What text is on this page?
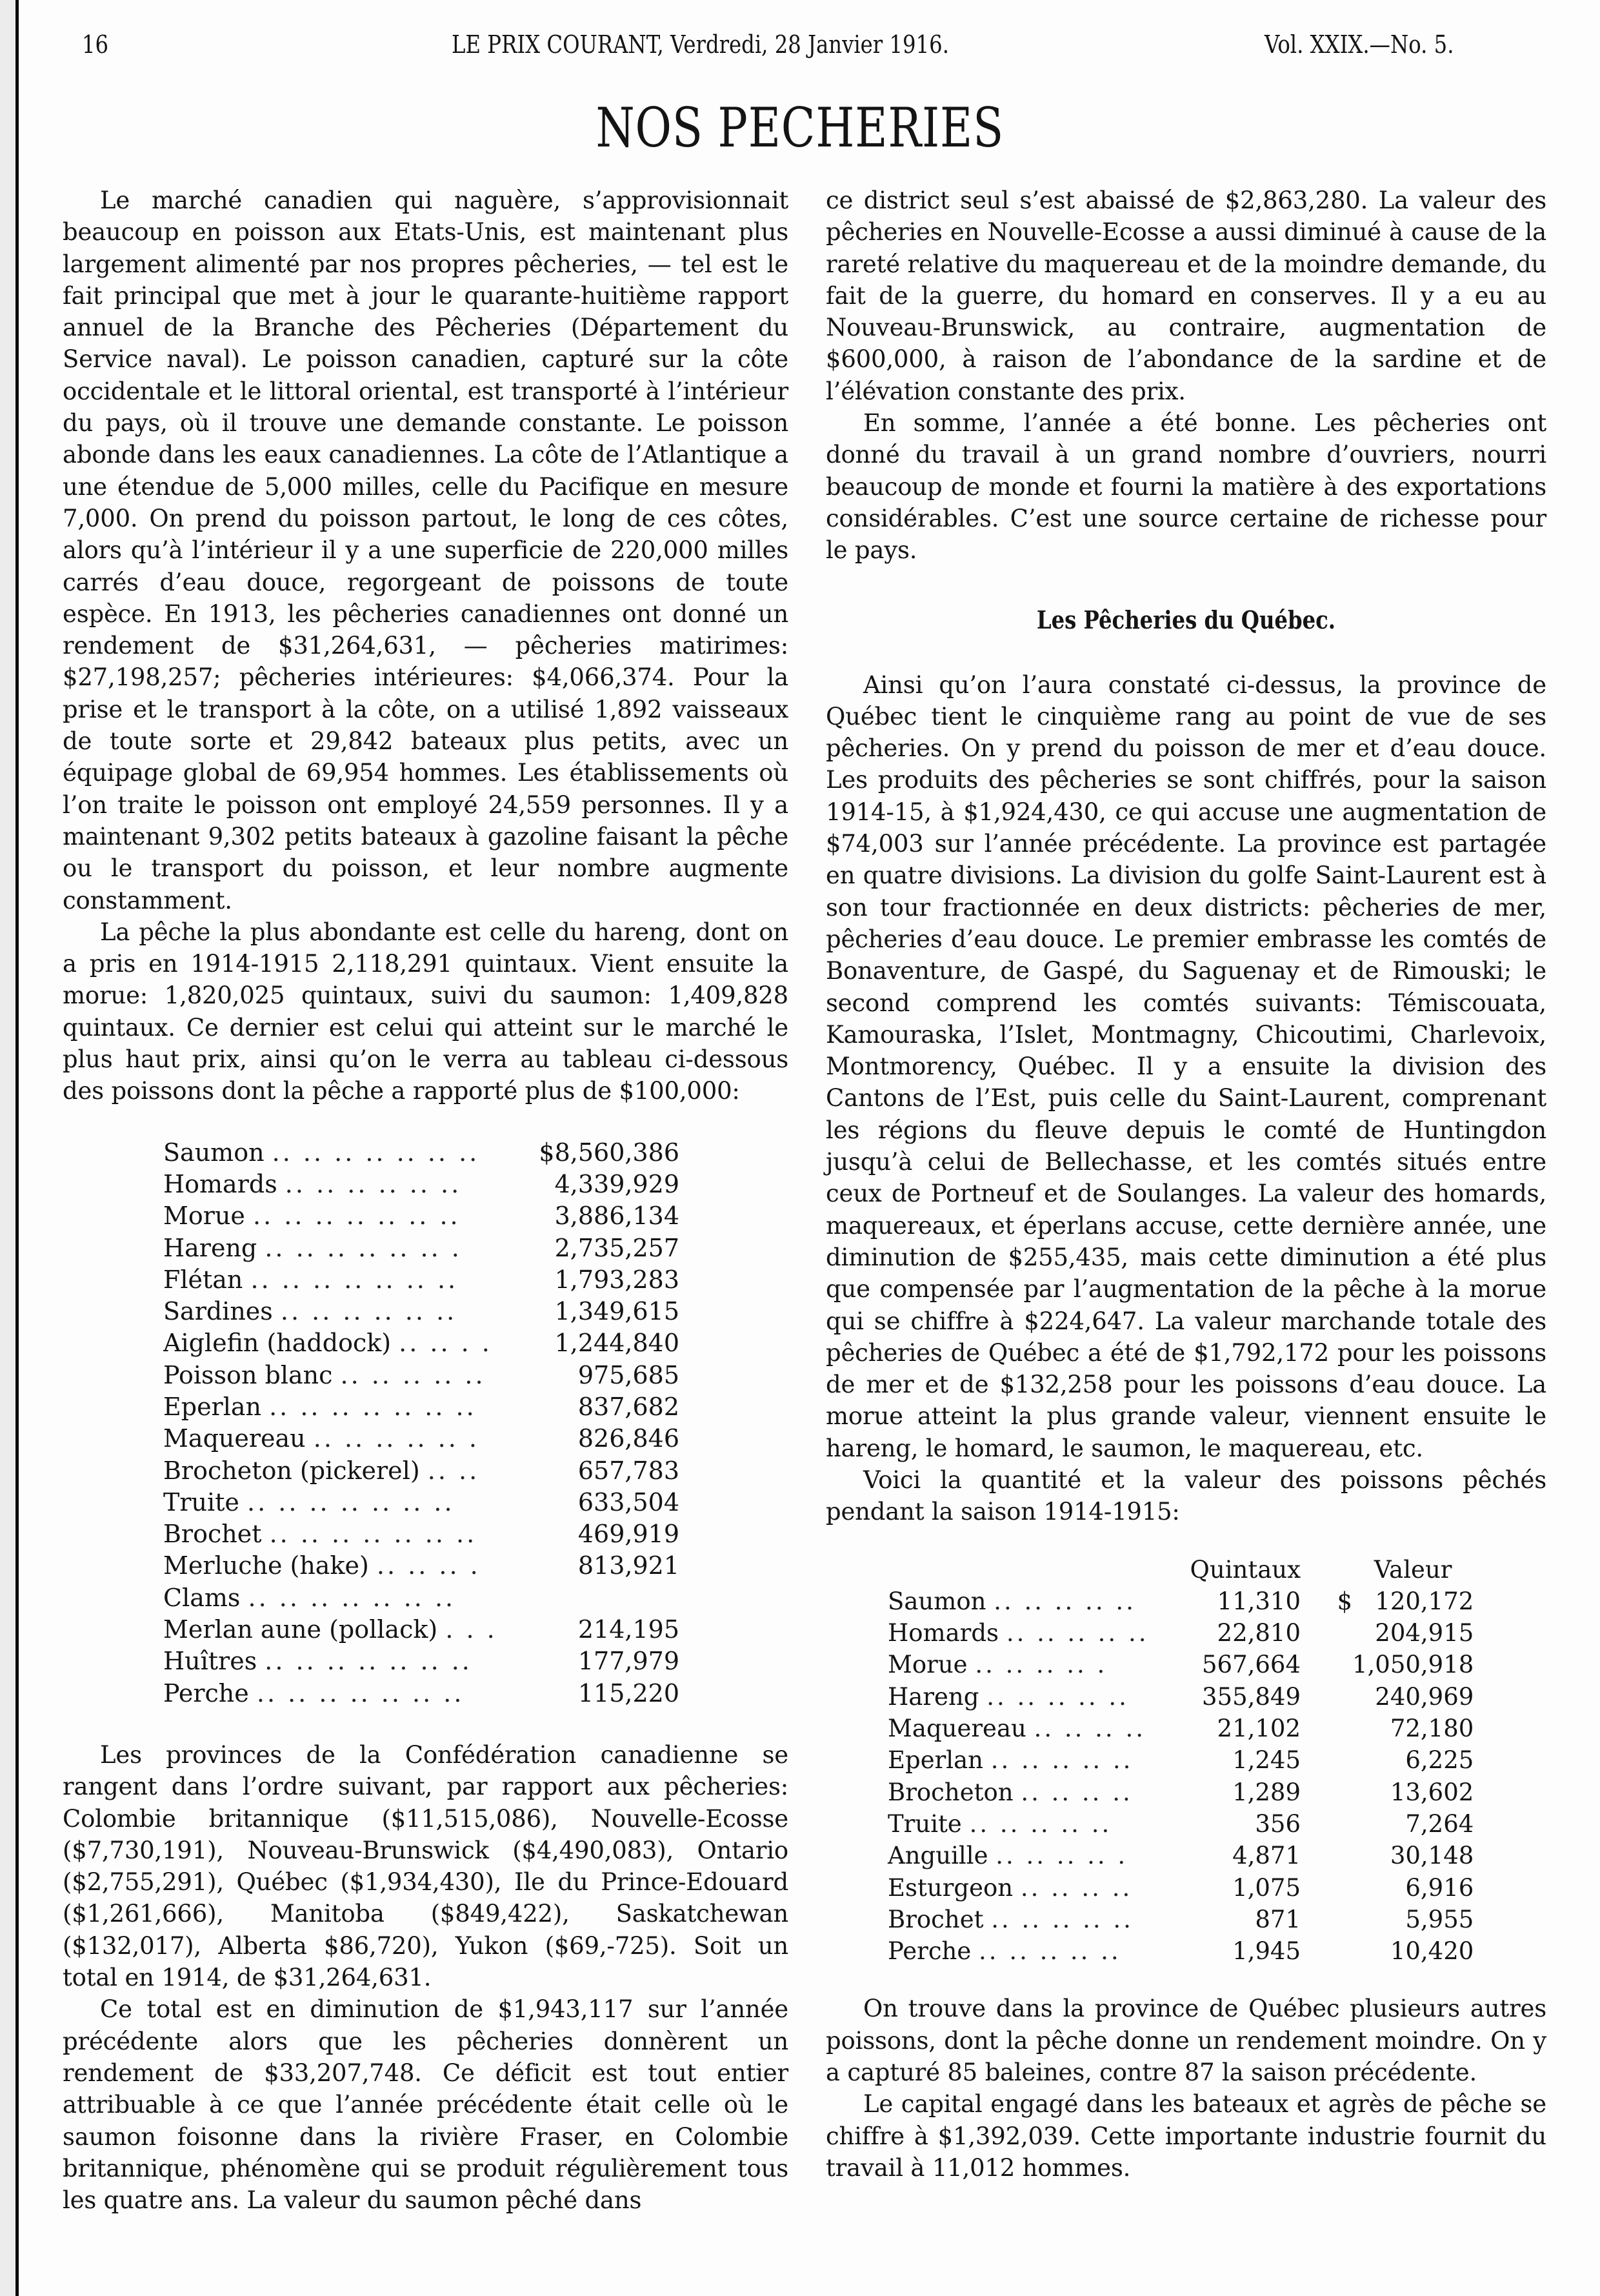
16	LE PRIX COURANT, Verdredi, 28 Janvier 1916.	Vol. XXIX.—No. 5.
NOS PECHERIES

Le marché canadien qui naguère, s’approvisionnait beaucoup en poisson aux Etats-Unis, est maintenant plus largement alimenté par nos propres pêcheries, — tel est le fait principal que met à jour le quarante-huitième rapport annuel de la Branche des Pêcheries (Département du Service naval). Le poisson canadien, capturé sur la côte occidentale et le littoral oriental, est transporté à l’intérieur du pays, où il trouve une demande constante. Le poisson abonde dans les eaux canadiennes. La côte de l’Atlantique a une étendue de 5,000 milles, celle du Pacifique en mesure 7,000. On prend du poisson partout, le long de ces côtes, alors qu’à l’intérieur il y a une superficie de 220,000 milles carrés d’eau douce, regorgeant de poissons de toute espèce. En 1913, les pêcheries canadiennes ont donné un rendement de $31,264,631, — pêcheries matirimes: $27,198,257; pêcheries intérieures: $4,066,374. Pour la prise et le transport à la côte, on a utilisé 1,892 vaisseaux de toute sorte et 29,842 bateaux plus petits, avec un équipage global de 69,954 hommes. Les établissements où l’on traite le poisson ont employé 24,559 personnes. Il y a maintenant 9,302 petits bateaux à gazoline faisant la pêche ou le transport du poisson, et leur nombre augmente constamment.

La pêche la plus abondante est celle du hareng, dont on a pris en 1914-1915 2,118,291 quintaux. Vient ensuite la morue: 1,820,025 quintaux, suivi du saumon: 1,409,828 quintaux. Ce dernier est celui qui atteint sur le marché le plus haut prix, ainsi qu’on le verra au tableau ci-dessous des poissons dont la pêche a rapporté plus de $100,000:

Saumon .. .. .. .. .. .. ..	$8,560,386
Homards .. .. .. .. .. ..	4,339,929
Morue .. .. .. .. .. .. ..	3,886,134
Hareng .. .. .. .. .. .. .	2,735,257
Flétan .. .. .. .. .. .. ..	1,793,283
Sardines .. .. .. .. .. ..	1,349,615
Aiglefin (haddock) .. .. . .	1,244,840
Poisson blanc .. .. .. .. ..	975,685
Eperlan .. .. .. .. .. .. ..	837,682
Maquereau .. .. .. .. .. .	826,846
Brocheton (pickerel) .. ..	657,783
Truite .. .. .. .. .. .. ..	633,504
Brochet .. .. .. .. .. .. ..	469,919
Merluche (hake) .. .. .. .	813,921
Clams .. .. .. .. .. .. ..	
Merlan aune (pollack) . . .	214,195
Huîtres .. .. .. .. .. .. ..	177,979
Perche .. .. .. .. .. .. ..	115,220

Les provinces de la Confédération canadienne se rangent dans l’ordre suivant, par rapport aux pêcheries: Colombie britannique ($11,515,086), Nouvelle-Ecosse ($7,730,191), Nouveau-Brunswick ($4,490,083), Ontario ($2,755,291), Québec ($1,934,430), Ile du Prince-Edouard ($1,261,666), Manitoba ($849,422), Saskatchewan ($132,017), Alberta $86,720), Yukon ($69,-725). Soit un total en 1914, de $31,264,631.

Ce total est en diminution de $1,943,117 sur l’année précédente alors que les pêcheries donnèrent un rendement de $33,207,748. Ce déficit est tout entier attribuable à ce que l’année précédente était celle où le saumon foisonne dans la rivière Fraser, en Colombie britannique, phénomène qui se produit régulièrement tous les quatre ans. La valeur du saumon pêché dans

ce district seul s’est abaissé de $2,863,280. La valeur des pêcheries en Nouvelle-Ecosse a aussi diminué à cause de la rareté relative du maquereau et de la moindre demande, du fait de la guerre, du homard en conserves. Il y a eu au Nouveau-Brunswick, au contraire, augmentation de $600,000, à raison de l’abondance de la sardine et de l’élévation constante des prix.

En somme, l’année a été bonne. Les pêcheries ont donné du travail à un grand nombre d’ouvriers, nourri beaucoup de monde et fourni la matière à des exportations considérables. C’est une source certaine de richesse pour le pays.

Les Pêcheries du Québec.

Ainsi qu’on l’aura constaté ci-dessus, la province de Québec tient le cinquième rang au point de vue de ses pêcheries. On y prend du poisson de mer et d’eau douce. Les produits des pêcheries se sont chiffrés, pour la saison 1914-15, à $1,924,430, ce qui accuse une augmentation de $74,003 sur l’année précédente. La province est partagée en quatre divisions. La division du golfe Saint-Laurent est à son tour fractionnée en deux districts: pêcheries de mer, pêcheries d’eau douce. Le premier embrasse les comtés de Bonaventure, de Gaspé, du Saguenay et de Rimouski; le second comprend les comtés suivants: Témiscouata, Kamouraska, l’Islet, Montmagny, Chicoutimi, Charlevoix, Montmorency, Québec. Il y a ensuite la division des Cantons de l’Est, puis celle du Saint-Laurent, comprenant les régions du fleuve depuis le comté de Huntingdon jusqu’à celui de Bellechasse, et les comtés situés entre ceux de Portneuf et de Soulanges. La valeur des homards, maquereaux, et éperlans accuse, cette dernière année, une diminution de $255,435, mais cette diminution a été plus que compensée par l’augmentation de la pêche à la morue qui se chiffre à $224,647. La valeur marchande totale des pêcheries de Québec a été de $1,792,172 pour les poissons de mer et de $132,258 pour les poissons d’eau douce. La morue atteint la plus grande valeur, viennent ensuite le hareng, le homard, le saumon, le maquereau, etc.

Voici la quantité et la valeur des poissons pêchés pendant la saison 1914-1915:

	Quintaux		Valeur
Saumon .. .. .. .. ..	11,310	$	120,172
Homards .. .. .. .. ..	22,810		204,915
Morue .. .. .. .. .	567,664		1,050,918
Hareng .. .. .. .. ..	355,849		240,969
Maquereau .. .. .. ..	21,102		72,180
Eperlan .. .. .. .. ..	1,245		6,225
Brocheton .. .. .. ..	1,289		13,602
Truite .. .. .. .. ..	356		7,264
Anguille .. .. .. .. .	4,871		30,148
Esturgeon .. .. .. ..	1,075		6,916
Brochet .. .. .. .. ..	871		5,955
Perche .. .. .. .. ..	1,945		10,420

On trouve dans la province de Québec plusieurs autres poissons, dont la pêche donne un rendement moindre. On y a capturé 85 baleines, contre 87 la saison précédente.

Le capital engagé dans les bateaux et agrès de pêche se chiffre à $1,392,039. Cette importante industrie fournit du travail à 11,012 hommes.
